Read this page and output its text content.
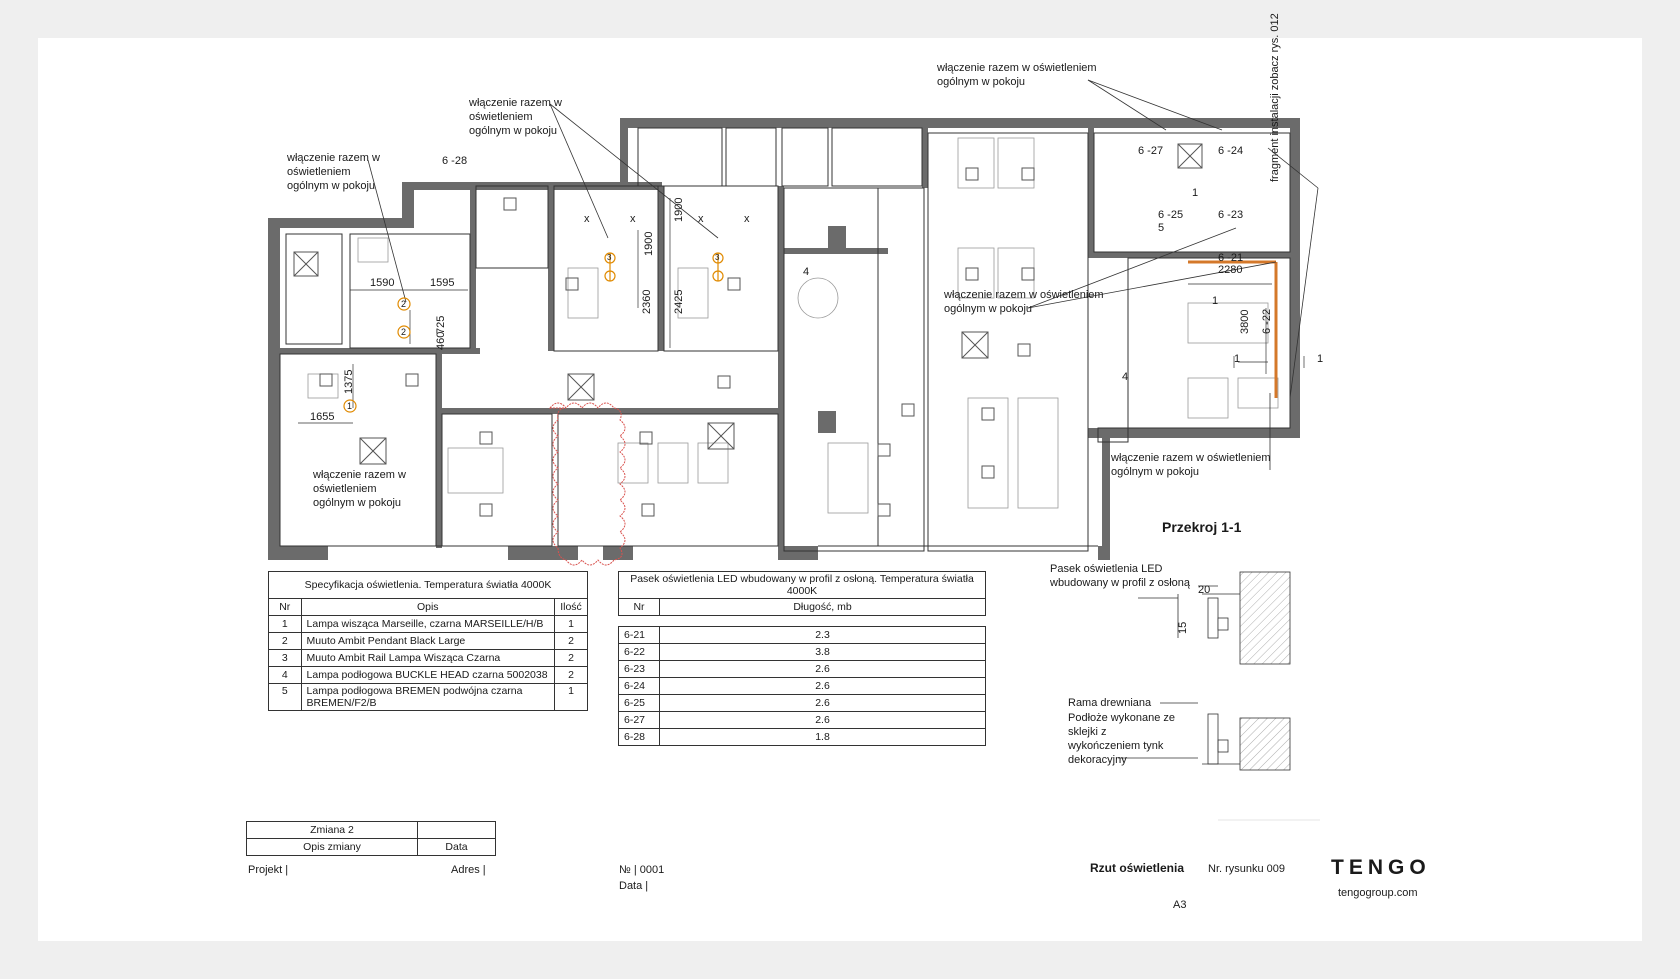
włączenie razem w
oświetleniem
ogólnym w pokoju
włączenie razem w
oświetleniem
ogólnym w pokoju
włączenie razem w oświetleniem
ogólnym w pokoju
włączenie razem w oświetleniem
ogólnym w pokoju
włączenie razem w
oświetleniem
ogólnym w pokoju
włączenie razem w oświetleniem
ogólnym w pokoju
fragment instalacji zobacz rys. 012
6 -28
1590	1595
725
460
1375
1655
1900
1900
2360 2425
6 -27	6 -24
6 -25	6 -23
6 -21
2280
3800 6 -22
1
1
1	1
4
4
5
x	x	x	x
2
2
1
3	3
Przekroj 1-1
Pasek oświetlenia LED
wbudowany w profil z osłoną
20
15
Rama drewniana
Podłoże wykonane ze
sklejki z
wykończeniem tynk
dekoracyjny
Specyfikacja oświetlenia. Temperatura światła 4000K		
Nr	Opis	Ilość
1	Lampa wisząca Marseille, czarna MARSEILLE/H/B	1
2	Muuto Ambit Pendant Black Large	2
3	Muuto Ambit Rail Lampa Wisząca Czarna	2
4	Lampa podłogowa BUCKLE HEAD czarna 5002038	2
5	Lampa podłogowa BREMEN podwójna czarna BREMEN/F2/B	1
Pasek oświetlenia LED wbudowany w profil z osłoną. Temperatura światła 4000K	
Nr	Długość, mb

6-21	2.3
6-22	3.8
6-23	2.6
6-24	2.6
6-25	2.6
6-27	2.6
6-28	1.8
Zmiana 2	
Opis zmiany	Data
Projekt |	Adres |	№ | 0001
Data |
Rzut oświetlenia Nr. rysunku 009
A3
TENGO
tengogroup.com
